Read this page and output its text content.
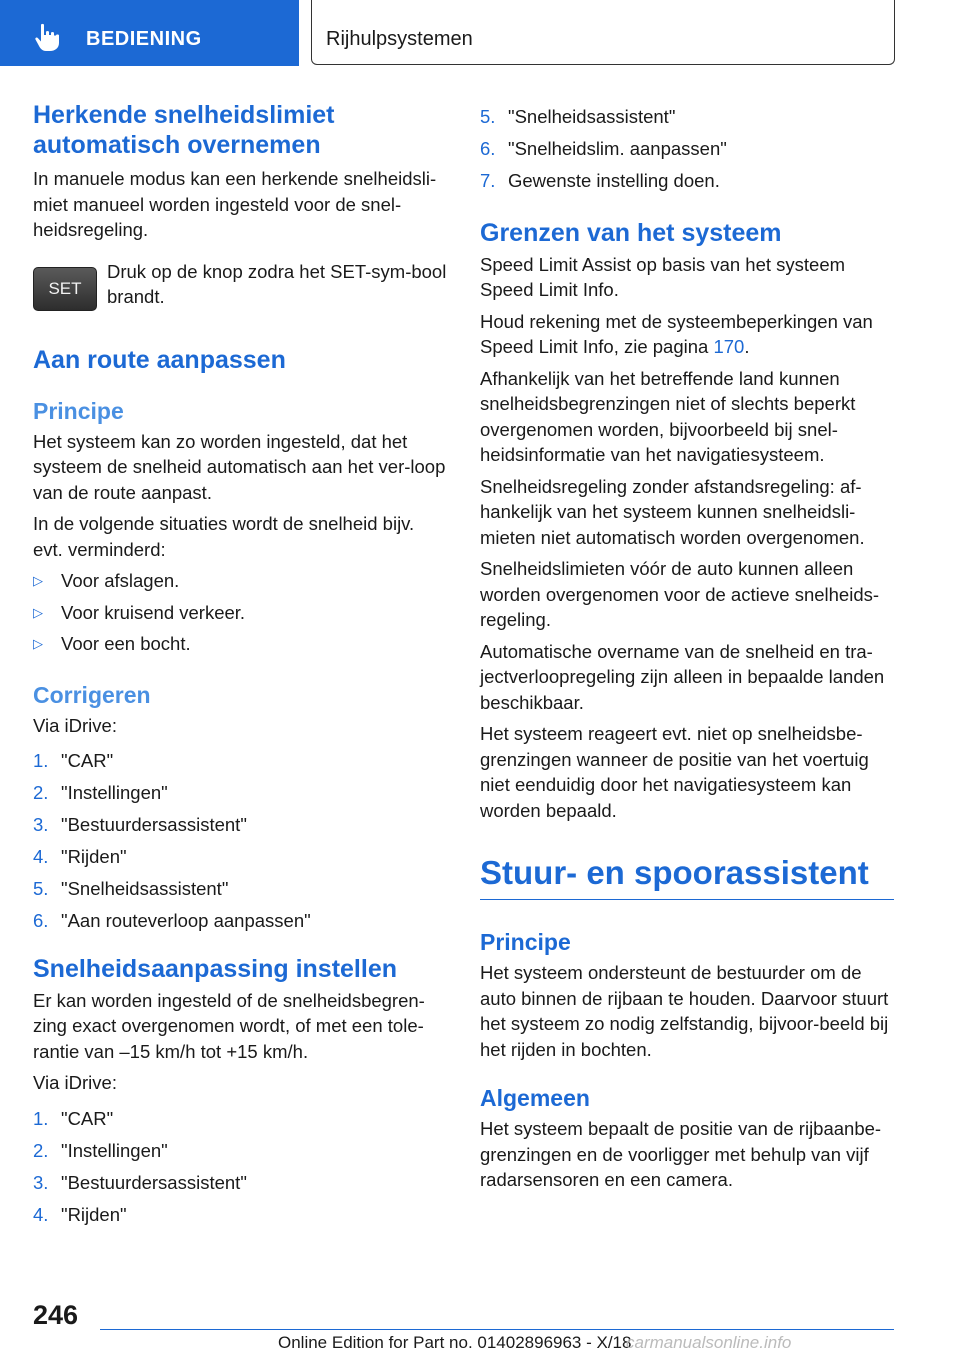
BEDIENING	Rijhulpsystemen
Herkende snelheidslimiet automatisch overnemen

In manuele modus kan een herkende snelheidsli-miet manueel worden ingesteld voor de snel-heidsregeling.

SET

Druk op de knop zodra het SET-sym-bool brandt.

Aan route aanpassen
Principe

Het systeem kan zo worden ingesteld, dat het systeem de snelheid automatisch aan het ver-loop van de route aanpast.

In de volgende situaties wordt de snelheid bijv. evt. verminderd:

▷ Voor afslagen.

▷ Voor kruisend verkeer.

▷ Voor een bocht.

Corrigeren

Via iDrive:

1. "CAR"

2. "Instellingen"

3. "Bestuurdersassistent"

4. "Rijden"

5. "Snelheidsassistent"

6. "Aan routeverloop aanpassen"

Snelheidsaanpassing instellen

Er kan worden ingesteld of de snelheidsbegren-zing exact overgenomen wordt, of met een tole-rantie van –15 km/h tot +15 km/h.

Via iDrive:

1. "CAR"

2. "Instellingen"

3. "Bestuurdersassistent"

4. "Rijden"

5. "Snelheidsassistent"

6. "Snelheidslim. aanpassen"

7. Gewenste instelling doen.

Grenzen van het systeem

Speed Limit Assist op basis van het systeem Speed Limit Info.

Houd rekening met de systeembeperkingen van Speed Limit Info, zie pagina 170.

Afhankelijk van het betreffende land kunnen snelheidsbegrenzingen niet of slechts beperkt overgenomen worden, bijvoorbeeld bij snel-heidsinformatie van het navigatiesysteem.

Snelheidsregeling zonder afstandsregeling: af-hankelijk van het systeem kunnen snelheidsli-mieten niet automatisch worden overgenomen.

Snelheidslimieten vóór de auto kunnen alleen worden overgenomen voor de actieve snelheids-regeling.

Automatische overname van de snelheid en tra-jectverloopregeling zijn alleen in bepaalde landen beschikbaar.

Het systeem reageert evt. niet op snelheidsbe-grenzingen wanneer de positie van het voertuig niet eenduidig door het navigatiesysteem kan worden bepaald.

Stuur- en spoorassistent
Principe

Het systeem ondersteunt de bestuurder om de auto binnen de rijbaan te houden. Daarvoor stuurt het systeem zo nodig zelfstandig, bijvoor-beeld bij het rijden in bochten.

Algemeen

Het systeem bepaalt de positie van de rijbaanbe-grenzingen en de voorligger met behulp van vijf radarsensoren en een camera.

246
Online Edition for Part no. 01402896963 - X/18
carmanualsonline.info
